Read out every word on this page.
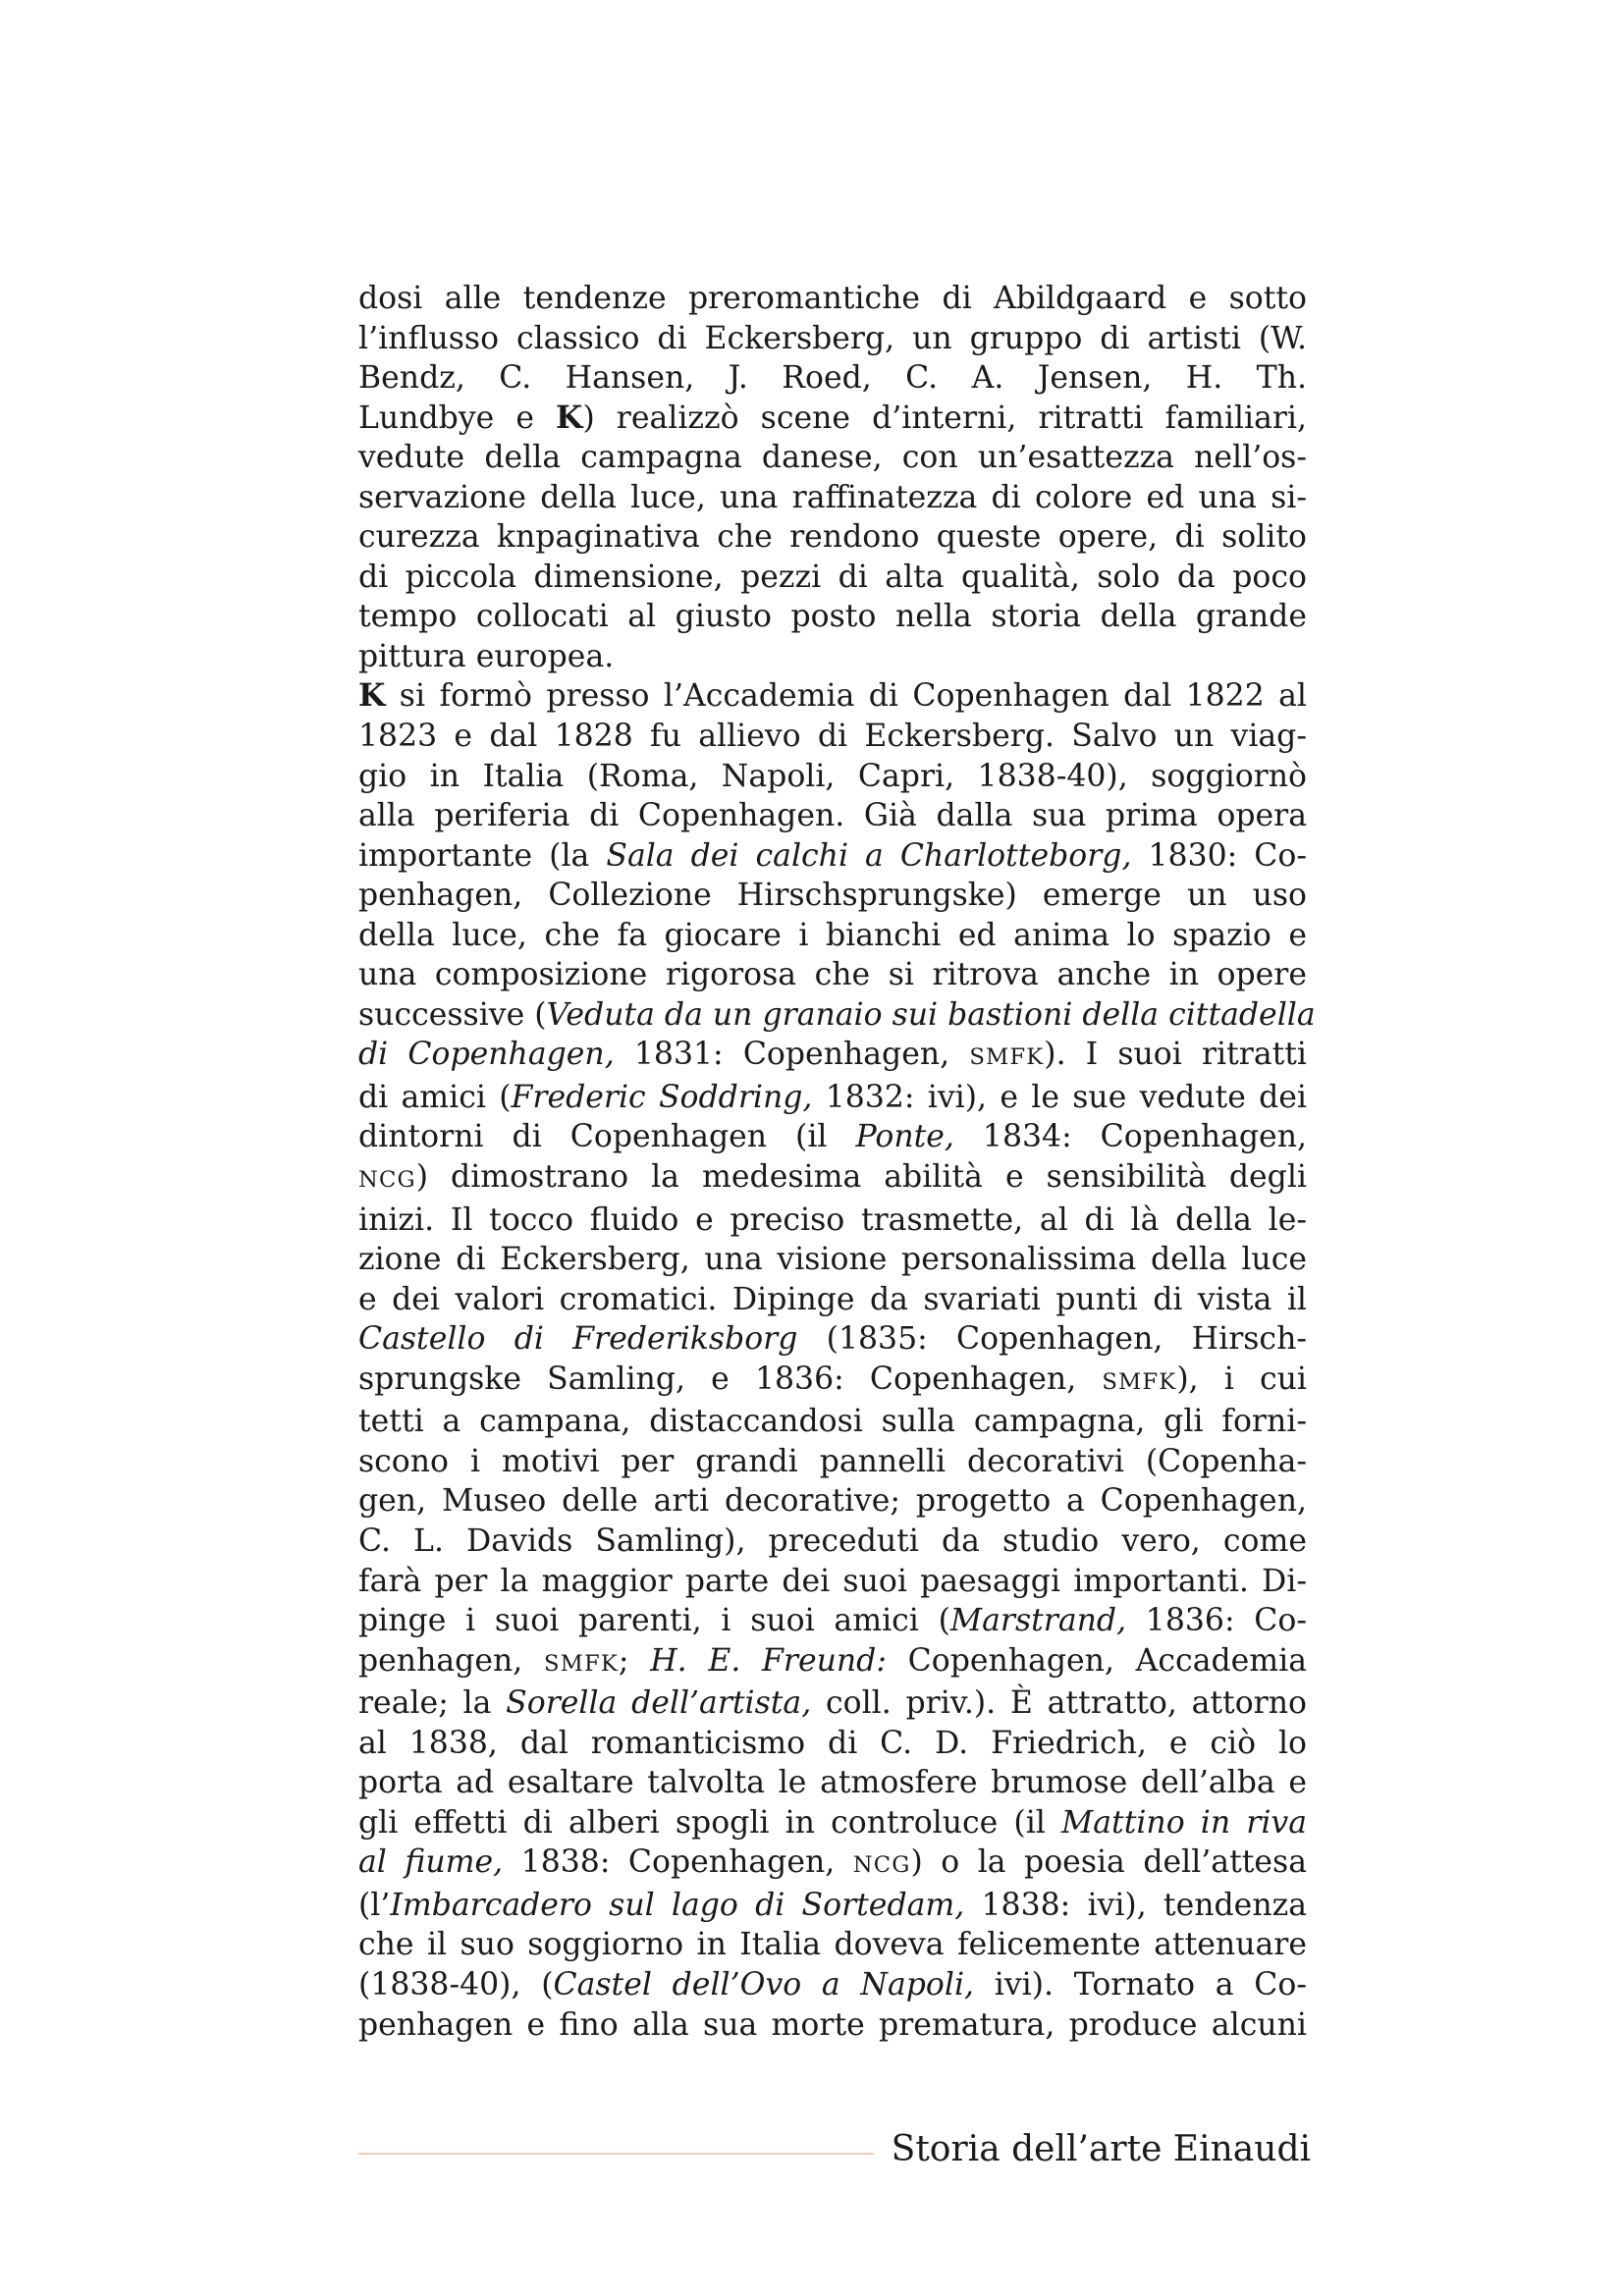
dosi alle tendenze preromantiche di Abildgaard e sotto
l’influsso classico di Eckersberg, un gruppo di artisti (W.
Bendz, C. Hansen, J. Roed, C. A. Jensen, H. Th.
Lundbye e K) realizzò scene d’interni, ritratti familiari,
vedute della campagna danese, con un’esattezza nell’os-
servazione della luce, una raffinatezza di colore ed una si-
curezza knpaginativa che rendono queste opere, di solito
di piccola dimensione, pezzi di alta qualità, solo da poco
tempo collocati al giusto posto nella storia della grande
pittura europea.
K si formò presso l’Accademia di Copenhagen dal 1822 al
1823 e dal 1828 fu allievo di Eckersberg. Salvo un viag-
gio in Italia (Roma, Napoli, Capri, 1838-40), soggiornò
alla periferia di Copenhagen. Già dalla sua prima opera
importante (la Sala dei calchi a Charlotteborg, 1830: Co-
penhagen, Collezione Hirschsprungske) emerge un uso
della luce, che fa giocare i bianchi ed anima lo spazio e
una composizione rigorosa che si ritrova anche in opere
successive (Veduta da un granaio sui bastioni della cittadella
di Copenhagen, 1831: Copenhagen, SMFK). I suoi ritratti
di amici (Frederic Soddring, 1832: ivi), e le sue vedute dei
dintorni di Copenhagen (il Ponte, 1834: Copenhagen,
NCG) dimostrano la medesima abilità e sensibilità degli
inizi. Il tocco fluido e preciso trasmette, al di là della le-
zione di Eckersberg, una visione personalissima della luce
e dei valori cromatici. Dipinge da svariati punti di vista il
Castello di Frederiksborg (1835: Copenhagen, Hirsch-
sprungske Samling, e 1836: Copenhagen, SMFK), i cui
tetti a campana, distaccandosi sulla campagna, gli forni-
scono i motivi per grandi pannelli decorativi (Copenha-
gen, Museo delle arti decorative; progetto a Copenhagen,
C. L. Davids Samling), preceduti da studio vero, come
farà per la maggior parte dei suoi paesaggi importanti. Di-
pinge i suoi parenti, i suoi amici (Marstrand, 1836: Co-
penhagen, SMFK; H. E. Freund: Copenhagen, Accademia
reale; la Sorella dell’artista, coll. priv.). È attratto, attorno
al 1838, dal romanticismo di C. D. Friedrich, e ciò lo
porta ad esaltare talvolta le atmosfere brumose dell’alba e
gli effetti di alberi spogli in controluce (il Mattino in riva
al fiume, 1838: Copenhagen, NCG) o la poesia dell’attesa
(l’Imbarcadero sul lago di Sortedam, 1838: ivi), tendenza
che il suo soggiorno in Italia doveva felicemente attenuare
(1838-40), (Castel dell’Ovo a Napoli, ivi). Tornato a Co-
penhagen e fino alla sua morte prematura, produce alcuni
Storia dell’arte Einaudi
